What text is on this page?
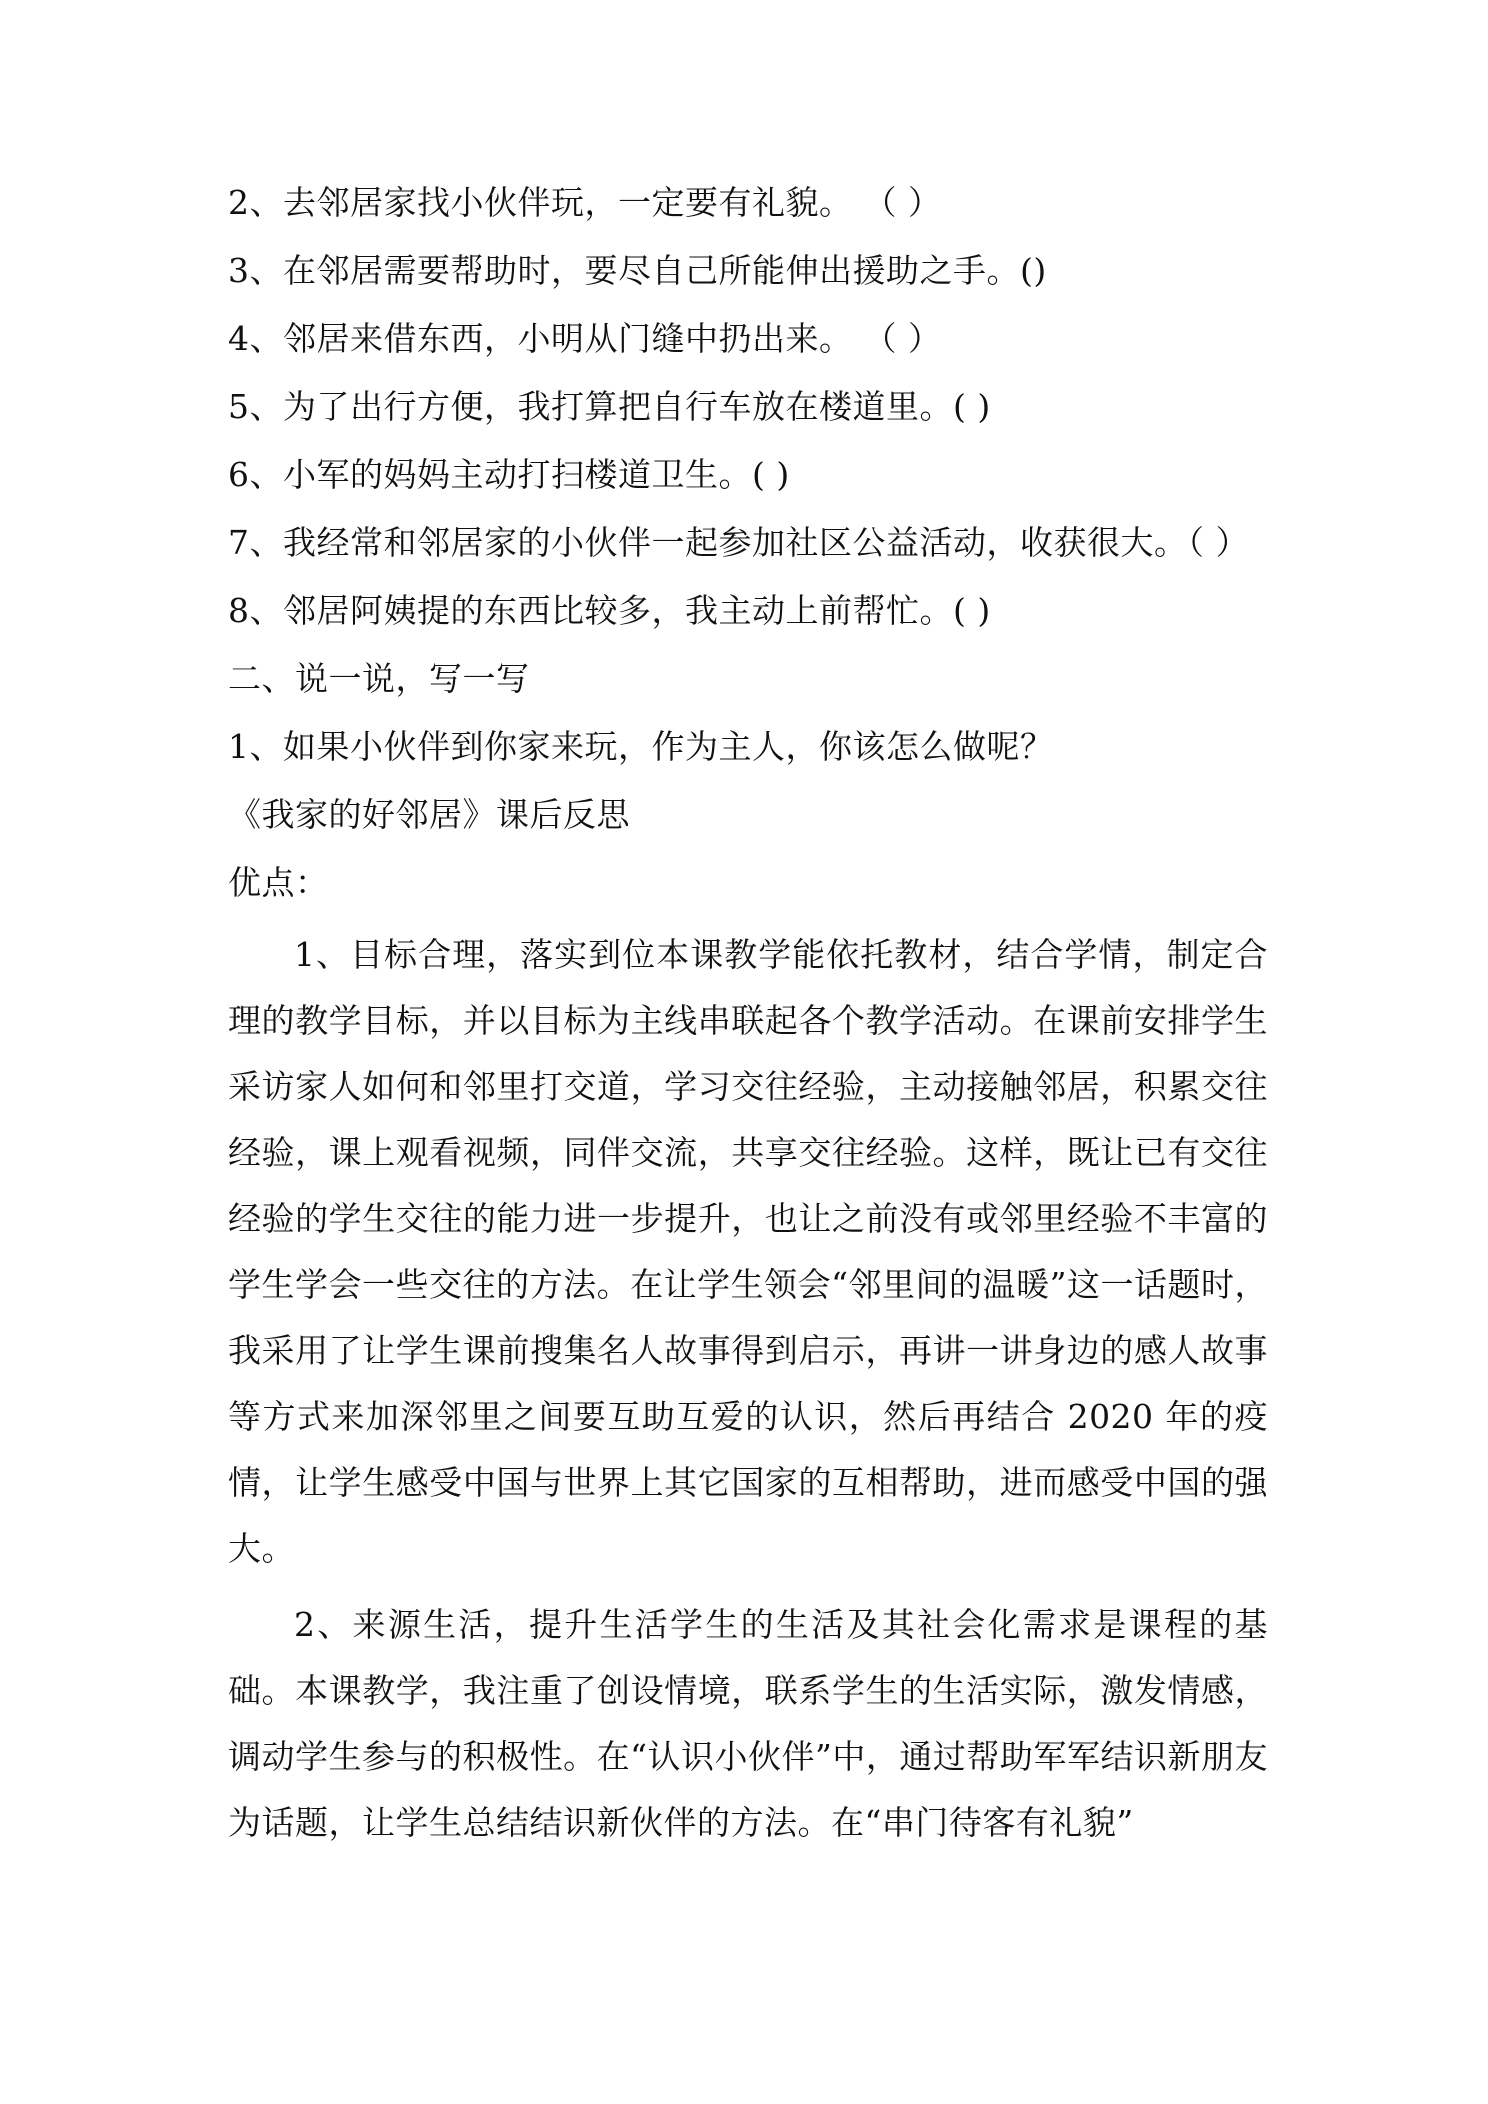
2、去邻居家找小伙伴玩，一定要有礼貌。 （ ）
3、在邻居需要帮助时，要尽自己所能伸出援助之手。()
4、邻居来借东西，小明从门缝中扔出来。 （ ）
5、为了出行方便，我打算把自行车放在楼道里。( )
6、小军的妈妈主动打扫楼道卫生。( )
7、我经常和邻居家的小伙伴一起参加社区公益活动，收获很大。（ ）
8、邻居阿姨提的东西比较多，我主动上前帮忙。( )
二、说一说，写一写
1、如果小伙伴到你家来玩，作为主人，你该怎么做呢？
《我家的好邻居》课后反思
优点：
1、目标合理，落实到位本课教学能依托教材，结合学情，制定合理的教学目标，并以目标为主线串联起各个教学活动。在课前安排学生采访家人如何和邻里打交道，学习交往经验，主动接触邻居，积累交往经验，课上观看视频，同伴交流，共享交往经验。这样，既让已有交往经验的学生交往的能力进一步提升，也让之前没有或邻里经验不丰富的学生学会一些交往的方法。在让学生领会“邻里间的温暖”这一话题时，我采用了让学生课前搜集名人故事得到启示，再讲一讲身边的感人故事等方式来加深邻里之间要互助互爱的认识，然后再结合 2020 年的疫情，让学生感受中国与世界上其它国家的互相帮助，进而感受中国的强大。
2、来源生活，提升生活学生的生活及其社会化需求是课程的基础。本课教学，我注重了创设情境，联系学生的生活实际，激发情感，调动学生参与的积极性。在“认识小伙伴”中，通过帮助军军结识新朋友为话题，让学生总结结识新伙伴的方法。在“串门待客有礼貌”
